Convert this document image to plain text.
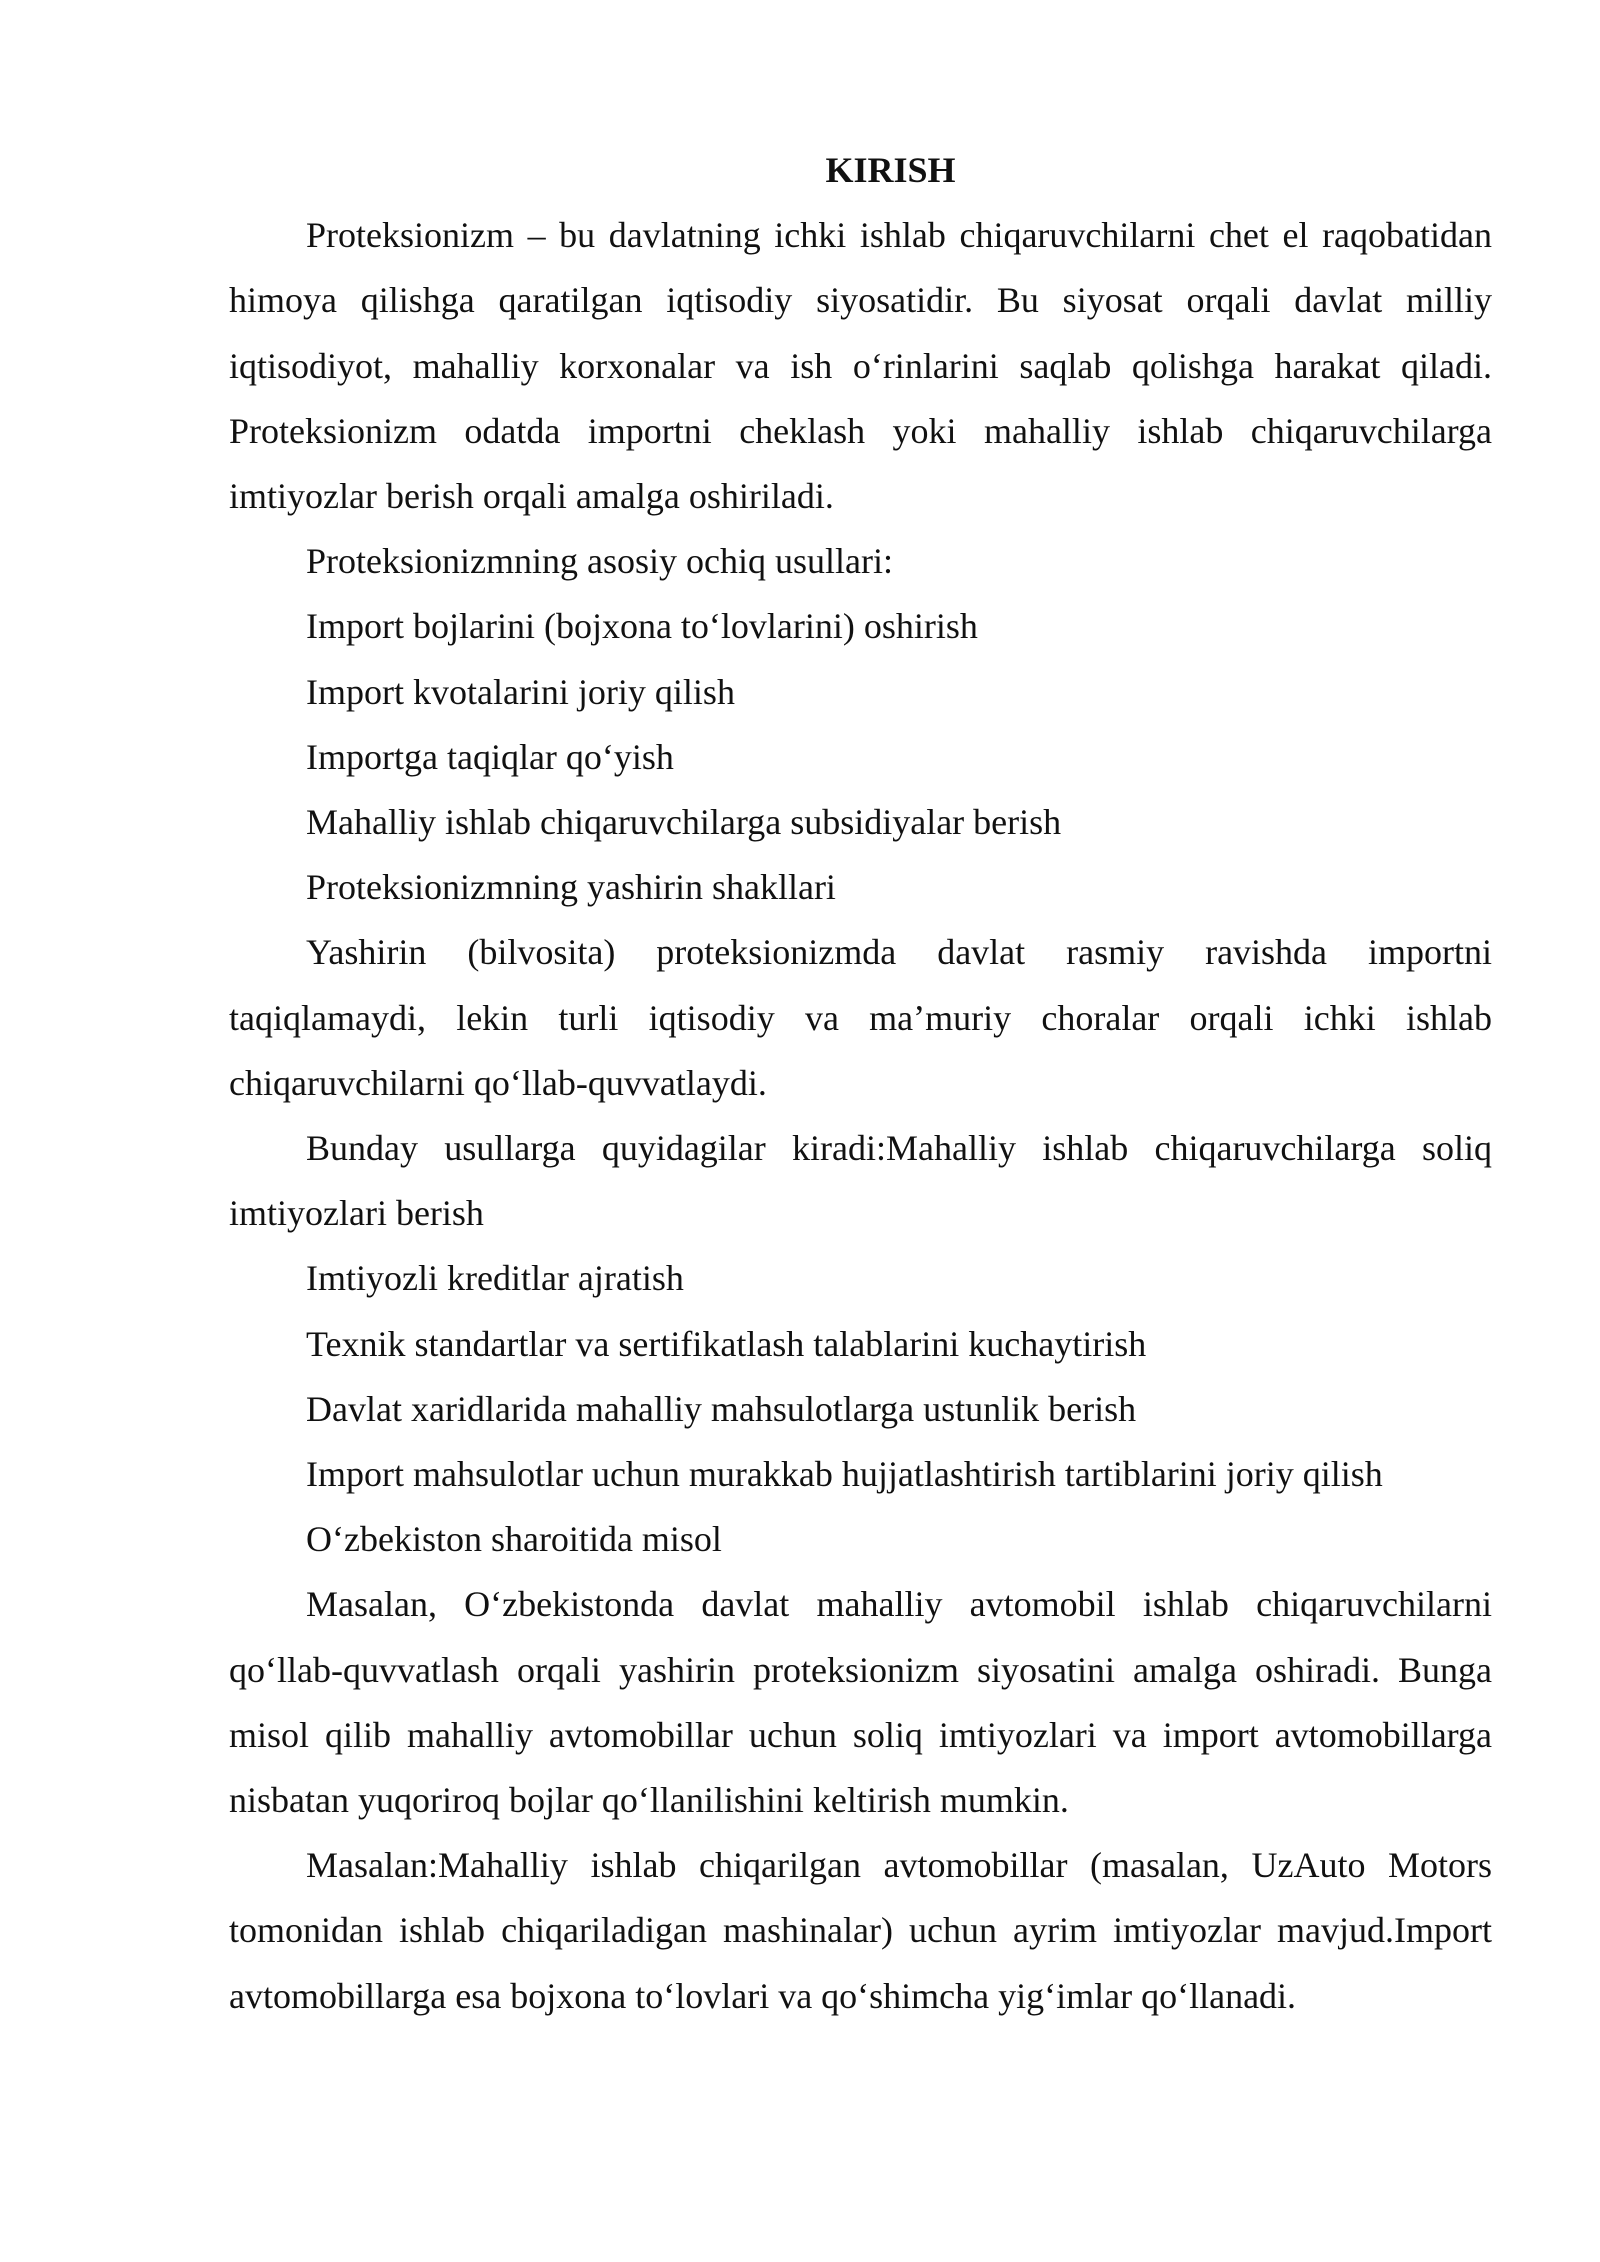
KIRISH

Proteksionizm – bu davlatning ichki ishlab chiqaruvchilarni chet el raqobatidan himoya qilishga qaratilgan iqtisodiy siyosatidir. Bu siyosat orqali davlat milliy iqtisodiyot, mahalliy korxonalar va ish oʻrinlarini saqlab qolishga harakat qiladi. Proteksionizm odatda importni cheklash yoki mahalliy ishlab chiqaruvchilarga imtiyozlar berish orqali amalga oshiriladi.

Proteksionizmning asosiy ochiq usullari:

Import bojlarini (bojxona toʻlovlarini) oshirish

Import kvotalarini joriy qilish

Importga taqiqlar qoʻyish

Mahalliy ishlab chiqaruvchilarga subsidiyalar berish

Proteksionizmning yashirin shakllari

Yashirin (bilvosita) proteksionizmda davlat rasmiy ravishda importni taqiqlamaydi, lekin turli iqtisodiy va maʼmuriy choralar orqali ichki ishlab chiqaruvchilarni qoʻllab-quvvatlaydi.

Bunday usullarga quyidagilar kiradi:Mahalliy ishlab chiqaruvchilarga soliq imtiyozlari berish

Imtiyozli kreditlar ajratish

Texnik standartlar va sertifikatlash talablarini kuchaytirish

Davlat xaridlarida mahalliy mahsulotlarga ustunlik berish

Import mahsulotlar uchun murakkab hujjatlashtirish tartiblarini joriy qilish

Oʻzbekiston sharoitida misol

Masalan, Oʻzbekistonda davlat mahalliy avtomobil ishlab chiqaruvchilarni qoʻllab-quvvatlash orqali yashirin proteksionizm siyosatini amalga oshiradi. Bunga misol qilib mahalliy avtomobillar uchun soliq imtiyozlari va import avtomobillarga nisbatan yuqoriroq bojlar qoʻllanilishini keltirish mumkin.

Masalan:Mahalliy ishlab chiqarilgan avtomobillar (masalan, UzAuto Motors tomonidan ishlab chiqariladigan mashinalar) uchun ayrim imtiyozlar mavjud.Import avtomobillarga esa bojxona toʻlovlari va qoʻshimcha yigʻimlar qoʻllanadi.
